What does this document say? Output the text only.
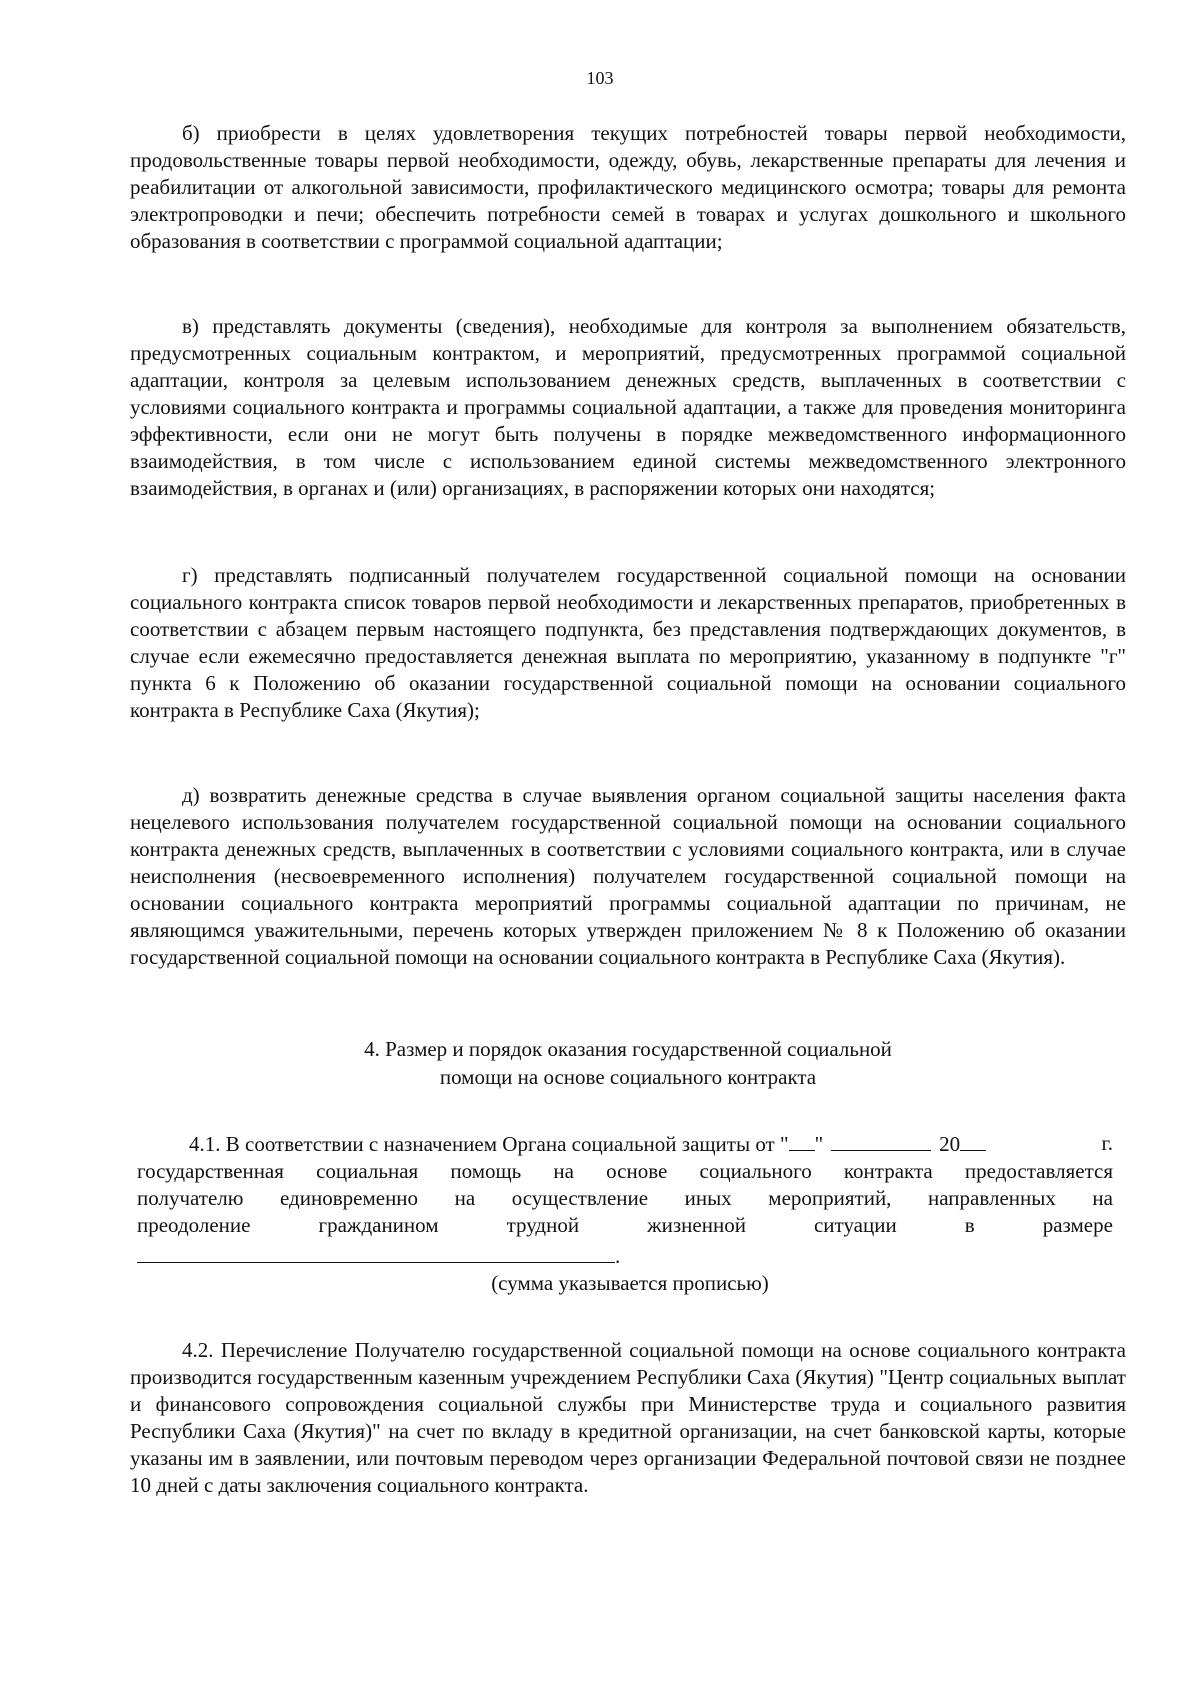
103

б) приобрести в целях удовлетворения текущих потребностей товары первой необходимости, продовольственные товары первой необходимости, одежду, обувь, лекарственные препараты для лечения и реабилитации от алкогольной зависимости, профилактического медицинского осмотра; товары для ремонта электропроводки и печи; обеспечить потребности семей в товарах и услугах дошкольного и школьного образования в соответствии с программой социальной адаптации;

в) представлять документы (сведения), необходимые для контроля за выполнением обязательств, предусмотренных социальным контрактом, и мероприятий, предусмотренных программой социальной адаптации, контроля за целевым использованием денежных средств, выплаченных в соответствии с условиями социального контракта и программы социальной адаптации, а также для проведения мониторинга эффективности, если они не могут быть получены в порядке межведомственного информационного взаимодействия, в том числе с использованием единой системы межведомственного электронного взаимодействия, в органах и (или) организациях, в распоряжении которых они находятся;

г) представлять подписанный получателем государственной социальной помощи на основании социального контракта список товаров первой необходимости и лекарственных препаратов, приобретенных в соответствии с абзацем первым настоящего подпункта, без представления подтверждающих документов, в случае если ежемесячно предоставляется денежная выплата по мероприятию, указанному в подпункте "г" пункта 6 к Положению об оказании государственной социальной помощи на основании социального контракта в Республике Саха (Якутия);

д) возвратить денежные средства в случае выявления органом социальной защиты населения факта нецелевого использования получателем государственной социальной помощи на основании социального контракта денежных средств, выплаченных в соответствии с условиями социального контракта, или в случае неисполнения (несвоевременного исполнения) получателем государственной социальной помощи на основании социального контракта мероприятий программы социальной адаптации по причинам, не являющимся уважительными, перечень которых утвержден приложением № 8 к Положению об оказании государственной социальной помощи на основании социального контракта в Республике Саха (Якутия).

4. Размер и порядок оказания государственной социальной
помощи на основе социального контракта
4.1. В соответствии с назначением Органа социальной защиты от " "	20	г.
государственная социальная помощь на основе социального контракта предоставляется
получателю единовременно на осуществление иных мероприятий, направленных на
преодоление	гражданином	трудной	жизненной	ситуации	в	размере
.
(сумма указывается прописью)

4.2. Перечисление Получателю государственной социальной помощи на основе социального контракта производится государственным казенным учреждением Республики Саха (Якутия) "Центр социальных выплат и финансового сопровождения социальной службы при Министерстве труда и социального развития Республики Саха (Якутия)" на счет по вкладу в кредитной организации, на счет банковской карты, которые указаны им в заявлении, или почтовым переводом через организации Федеральной почтовой связи не позднее 10 дней с даты заключения социального контракта.
